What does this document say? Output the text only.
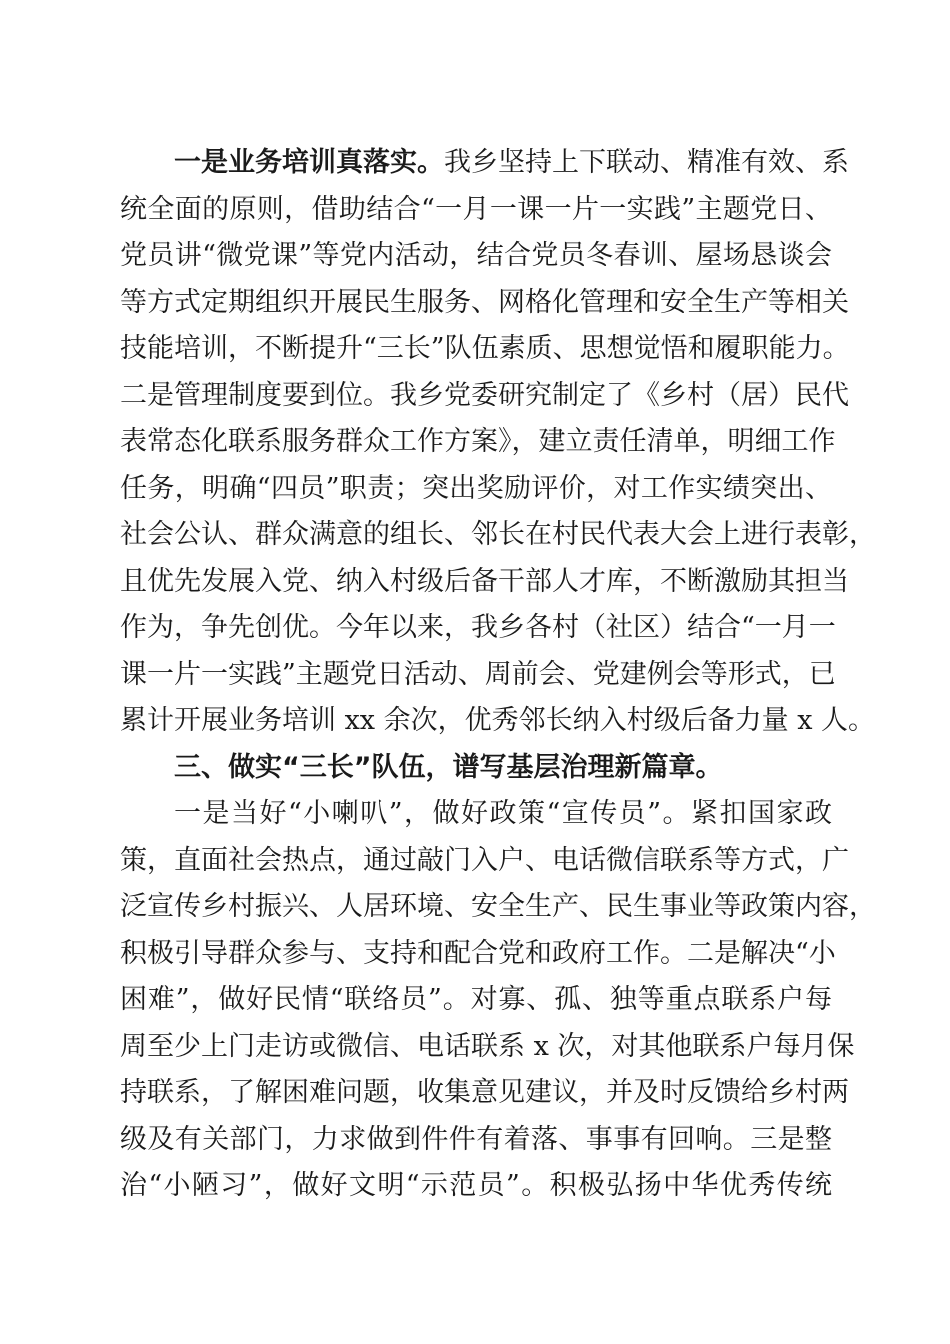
一是业务培训真落实。我乡坚持上下联动、精准有效、系
统全面的原则，借助结合“一月一课一片一实践”主题党日、
党员讲“微党课”等党内活动，结合党员冬春训、屋场恳谈会
等方式定期组织开展民生服务、网格化管理和安全生产等相关
技能培训，不断提升“三长”队伍素质、思想觉悟和履职能力。
二是管理制度要到位。我乡党委研究制定了《乡村（居）民代
表常态化联系服务群众工作方案》，建立责任清单，明细工作
任务，明确“四员”职责；突出奖励评价，对工作实绩突出、
社会公认、群众满意的组长、邻长在村民代表大会上进行表彰，
且优先发展入党、纳入村级后备干部人才库，不断激励其担当
作为，争先创优。今年以来，我乡各村（社区）结合“一月一
课一片一实践”主题党日活动、周前会、党建例会等形式，已
累计开展业务培训 xx 余次，优秀邻长纳入村级后备力量 x 人。
三、做实“三长”队伍，谱写基层治理新篇章。
一是当好“小喇叭”，做好政策“宣传员”。紧扣国家政
策，直面社会热点，通过敲门入户、电话微信联系等方式，广
泛宣传乡村振兴、人居环境、安全生产、民生事业等政策内容，
积极引导群众参与、支持和配合党和政府工作。二是解决“小
困难”，做好民情“联络员”。对寡、孤、独等重点联系户每
周至少上门走访或微信、电话联系 x 次，对其他联系户每月保
持联系，了解困难问题，收集意见建议，并及时反馈给乡村两
级及有关部门，力求做到件件有着落、事事有回响。三是整
治“小陋习”，做好文明“示范员”。积极弘扬中华优秀传统
